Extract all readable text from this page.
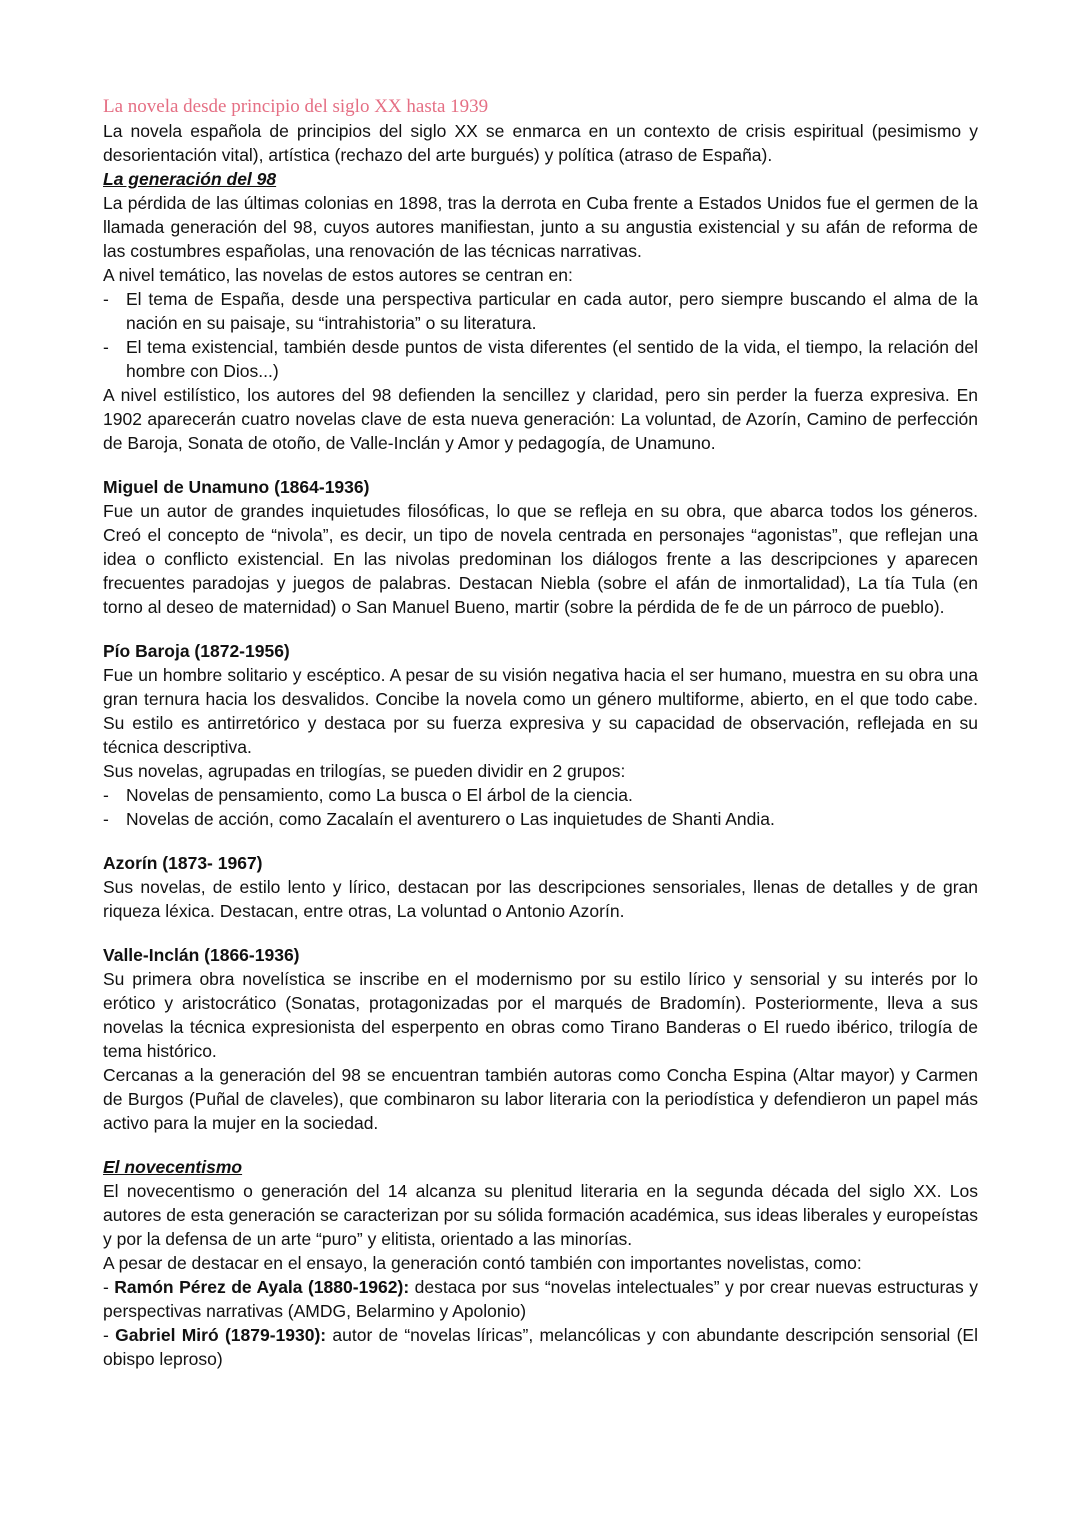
La novela desde principio del siglo XX hasta 1939

La novela española de principios del siglo XX se enmarca en un contexto de crisis espiritual (pesimismo y desorientación vital), artística (rechazo del arte burgués) y política (atraso de España).

La generación del 98

La pérdida de las últimas colonias en 1898, tras la derrota en Cuba frente a Estados Unidos fue el germen de la llamada generación del 98, cuyos autores manifiestan, junto a su angustia existencial y su afán de reforma de las costumbres españolas, una renovación de las técnicas narrativas.

A nivel temático, las novelas de estos autores se centran en:

- El tema de España, desde una perspectiva particular en cada autor, pero siempre buscando el alma de la nación en su paisaje, su “intrahistoria” o su literatura.
- El tema existencial, también desde puntos de vista diferentes (el sentido de la vida, el tiempo, la relación del hombre con Dios...)

A nivel estilístico, los autores del 98 defienden la sencillez y claridad, pero sin perder la fuerza expresiva. En 1902 aparecerán cuatro novelas clave de esta nueva generación: La voluntad, de Azorín, Camino de perfección de Baroja, Sonata de otoño, de Valle-Inclán y Amor y pedagogía, de Unamuno.

Miguel de Unamuno (1864-1936)

Fue un autor de grandes inquietudes filosóficas, lo que se refleja en su obra, que abarca todos los géneros. Creó el concepto de “nivola”, es decir, un tipo de novela centrada en personajes “agonistas”, que reflejan una idea o conflicto existencial. En las nivolas predominan los diálogos frente a las descripciones y aparecen frecuentes paradojas y juegos de palabras. Destacan Niebla (sobre el afán de inmortalidad), La tía Tula (en torno al deseo de maternidad) o San Manuel Bueno, martir (sobre la pérdida de fe de un párroco de pueblo).

Pío Baroja (1872-1956)

Fue un hombre solitario y escéptico. A pesar de su visión negativa hacia el ser humano, muestra en su obra una gran ternura hacia los desvalidos. Concibe la novela como un género multiforme, abierto, en el que todo cabe. Su estilo es antirretórico y destaca por su fuerza expresiva y su capacidad de observación, reflejada en su técnica descriptiva.

Sus novelas, agrupadas en trilogías, se pueden dividir en 2 grupos:

- Novelas de pensamiento, como La busca o El árbol de la ciencia.
- Novelas de acción, como Zacalaín el aventurero o Las inquietudes de Shanti Andia.
Azorín (1873- 1967)

Sus novelas, de estilo lento y lírico, destacan por las descripciones sensoriales, llenas de detalles y de gran riqueza léxica. Destacan, entre otras, La voluntad o Antonio Azorín.

Valle-Inclán (1866-1936)

Su primera obra novelística se inscribe en el modernismo por su estilo lírico y sensorial y su interés por lo erótico y aristocrático (Sonatas, protagonizadas por el marqués de Bradomín). Posteriormente, lleva a sus novelas la técnica expresionista del esperpento en obras como Tirano Banderas o El ruedo ibérico, trilogía de tema histórico.

Cercanas a la generación del 98 se encuentran también autoras como Concha Espina (Altar mayor) y Carmen de Burgos (Puñal de claveles), que combinaron su labor literaria con la periodística y defendieron un papel más activo para la mujer en la sociedad.

El novecentismo

El novecentismo o generación del 14 alcanza su plenitud literaria en la segunda década del siglo XX. Los autores de esta generación se caracterizan por su sólida formación académica, sus ideas liberales y europeístas y por la defensa de un arte “puro” y elitista, orientado a las minorías.

A pesar de destacar en el ensayo, la generación contó también con importantes novelistas, como:

- Ramón Pérez de Ayala (1880-1962): destaca por sus “novelas intelectuales” y por crear nuevas estructuras y perspectivas narrativas (AMDG, Belarmino y Apolonio)

- Gabriel Miró (1879-1930): autor de “novelas líricas”, melancólicas y con abundante descripción sensorial (El obispo leproso)
